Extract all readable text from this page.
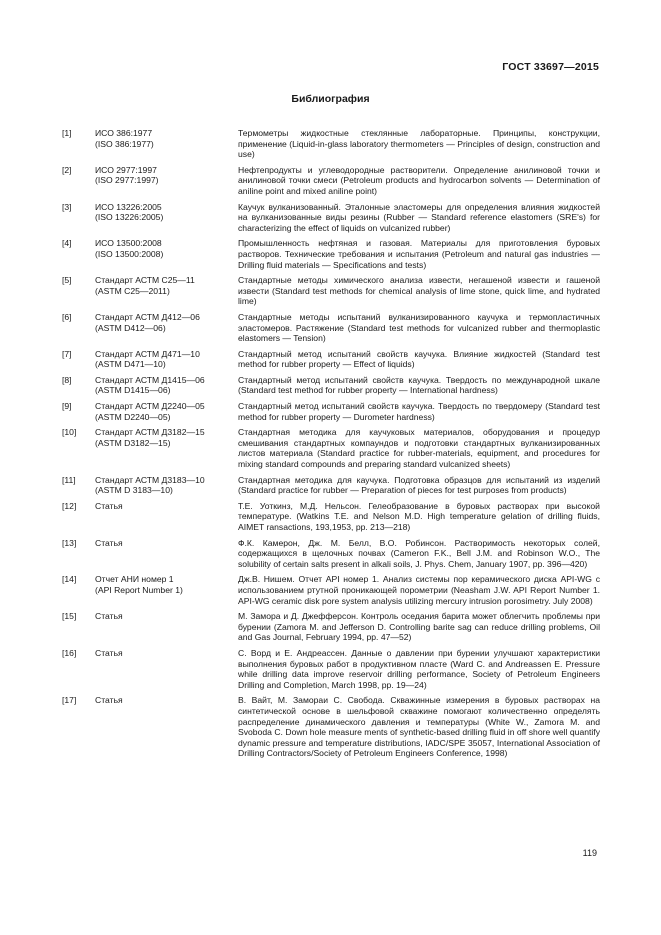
ГОСТ 33697—2015
Библиография
[1]	ИСО 386:1977
(ISO 386:1977)
Термометры жидкостные стеклянные лабораторные. Принципы, конструкции, применение (Liquid-in-glass laboratory thermometers — Principles of design, construction and use)
[2]	ИСО 2977:1997
(ISO 2977:1997)
Нефтепродукты и углеводородные растворители. Определение анилиновой точки и анилиновой точки смеси (Petroleum products and hydrocarbon solvents — Determination of aniline point and mixed aniline point)
[3]	ИСО 13226:2005
(ISO 13226:2005)
Каучук вулканизованный. Эталонные эластомеры для определения влияния жидкостей на вулканизованные виды резины (Rubber — Standard reference elastomers (SRE's) for characterizing the effect of liquids on vulcanized rubber)
[4]	ИСО 13500:2008
(ISO 13500:2008)
Промышленность нефтяная и газовая. Материалы для приготовления буровых растворов. Технические требования и испытания (Petroleum and natural gas industries — Drilling fluid materials — Specifications and tests)
[5]	Стандарт АСТМ С25—11
(ASTM C25—2011)
Стандартные методы химического анализа извести, негашеной извести и гашеной извести (Standard test methods for chemical analysis of lime stone, quick lime, and hydrated lime)
[6]	Стандарт АСТМ Д412—06
(ASTM D412—06)
Стандартные методы испытаний вулканизированного каучука и термопластичных эластомеров. Растяжение (Standard test methods for vulcanized rubber and thermoplastic elastomers — Tension)
[7]	Стандарт АСТМ Д471—10
(ASTM D471—10)
Стандартный метод испытаний свойств каучука. Влияние жидкостей (Standard test method for rubber property — Effect of liquids)
[8]	Стандарт АСТМ Д1415—06
(ASTM D1415—06)
Стандартный метод испытаний свойств каучука. Твердость по международной шкале (Standard test method for rubber property — International hardness)
[9]	Стандарт АСТМ Д2240—05
(ASTM D2240—05)
Стандартный метод испытаний свойств каучука. Твердость по твердомеру (Standard test method for rubber property — Durometer hardness)
[10]	Стандарт АСТМ Д3182—15
(ASTM D3182—15)
Стандартная методика для каучуковых материалов, оборудования и процедур смешивания стандартных компаундов и подготовки стандартных вулканизированных листов материала (Standard practice for rubber-materials, equipment, and procedures for mixing standard compounds and preparing standard vulcanized sheets)
[11]	Стандарт АСТМ Д3183—10
(ASTM D 3183—10)
Стандартная методика для каучука. Подготовка образцов для испытаний из изделий (Standard practice for rubber — Preparation of pieces for test purposes from products)
[12]	Статья	Т.Е. Уоткинз, М.Д. Нельсон. Гелеобразование в буровых растворах при высокой температуре. (Watkins T.E. and Nelson M.D. High temperature gelation of drilling fluids, AIMET ransactions, 193,1953, pp. 213—218)
[13]	Статья	Ф.К. Камерон, Дж. М. Белл, В.О. Робинсон. Растворимость некоторых солей, содержащихся в щелочных почвах (Cameron F.K., Bell J.M. and Robinson W.O., The solubility of certain salts present in alkali soils, J. Phys. Chem, January 1907, pp. 396—420)
[14]	Отчет АНИ номер 1
(API Report Number 1)
Дж.В. Нишем. Отчет API номер 1. Анализ системы пор керамического диска API-WG с использованием ртутной проникающей порометрии (Neasham J.W. API Report Number 1. API-WG ceramic disk pore system analysis utilizing mercury intrusion porosimetry. July 2008)
[15]	Статья	М. Замора и Д. Джефферсон. Контроль оседания барита может облегчить проблемы при бурении (Zamora M. and Jefferson D. Controlling barite sag can reduce drilling problems, Oil and Gas Journal, February 1994, pp. 47—52)
[16]	Статья	С. Ворд и Е. Андреассен. Данные о давлении при бурении улучшают характеристики выполнения буровых работ в продуктивном пласте (Ward C. and Andreassen E. Pressure while drilling data improve reservoir drilling performance, Society of Petroleum Engineers Drilling and Completion, March 1998, pp. 19—24)
[17]	Статья	В. Вайт, М. Замораи С. Свобода. Скважинные измерения в буровых растворах на синтетической основе в шельфовой скважине помогают количественно определять распределение динамического давления и температуры (White W., Zamora M. and Svoboda C. Down hole measure ments of synthetic-based drilling fluid in off shore well quantify dynamic pressure and temperature distributions, IADC/SPE 35057, International Association of Drilling Contractors/Society of Petroleum Engineers Conference, 1998)
119
